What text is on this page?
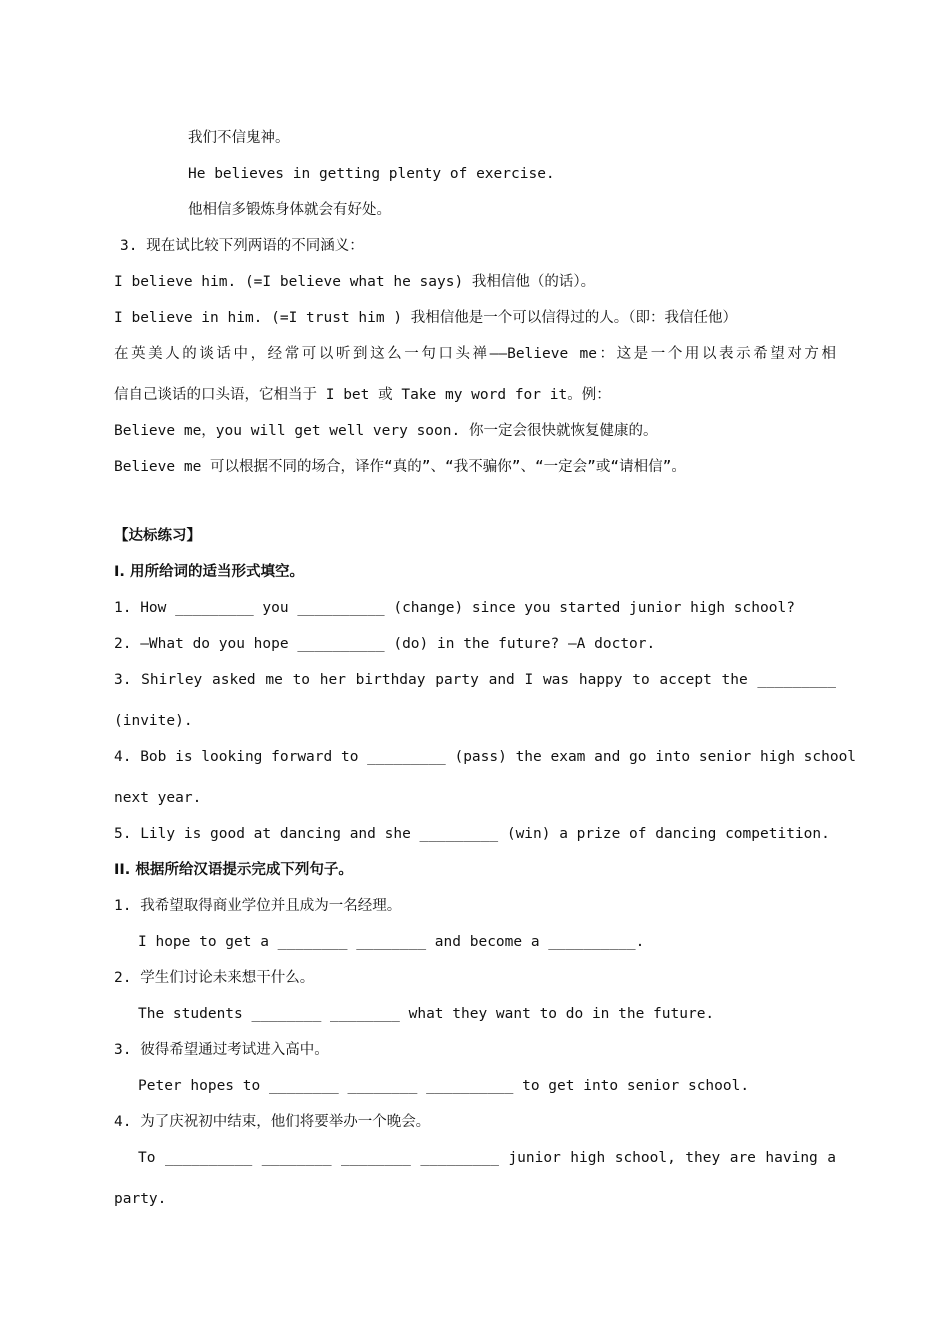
我们不信鬼神。
He believes in getting plenty of exercise.
他相信多锻炼身体就会有好处。
3. 现在试比较下列两语的不同涵义：
I believe him. (=I believe what he says) 我相信他（的话）。
I believe in him. (=I trust him ) 我相信他是一个可以信得过的人。（即：我信任他）
在英美人的谈话中，经常可以听到这么一句口头禅——Believe me：这是一个用以表示希望对方相
信自己谈话的口头语，它相当于 I bet 或 Take my word for it。例：
Believe me，you will get well very soon. 你一定会很快就恢复健康的。
Believe me 可以根据不同的场合，译作“真的”、“我不骗你”、“一定会”或“请相信”。
【达标练习】
I. 用所给词的适当形式填空。
1. How _________ you __________ (change) since you started junior high school?
2. —What do you hope __________ (do) in the future? —A doctor.
3. Shirley asked me to her birthday party and I was happy to accept the _________
(invite).
4. Bob is looking forward to _________ (pass) the exam and go into senior high school
next year.
5. Lily is good at dancing and she _________ (win) a prize of dancing competition.
II. 根据所给汉语提示完成下列句子。
1. 我希望取得商业学位并且成为一名经理。
I hope to get a ________ ________ and become a __________.
2. 学生们讨论未来想干什么。
The students ________ ________ what they want to do in the future.
3. 彼得希望通过考试进入高中。
Peter hopes to ________ ________ __________ to get into senior school.
4. 为了庆祝初中结束，他们将要举办一个晚会。
To __________ ________ ________ _________ junior high school, they are having a
party.
